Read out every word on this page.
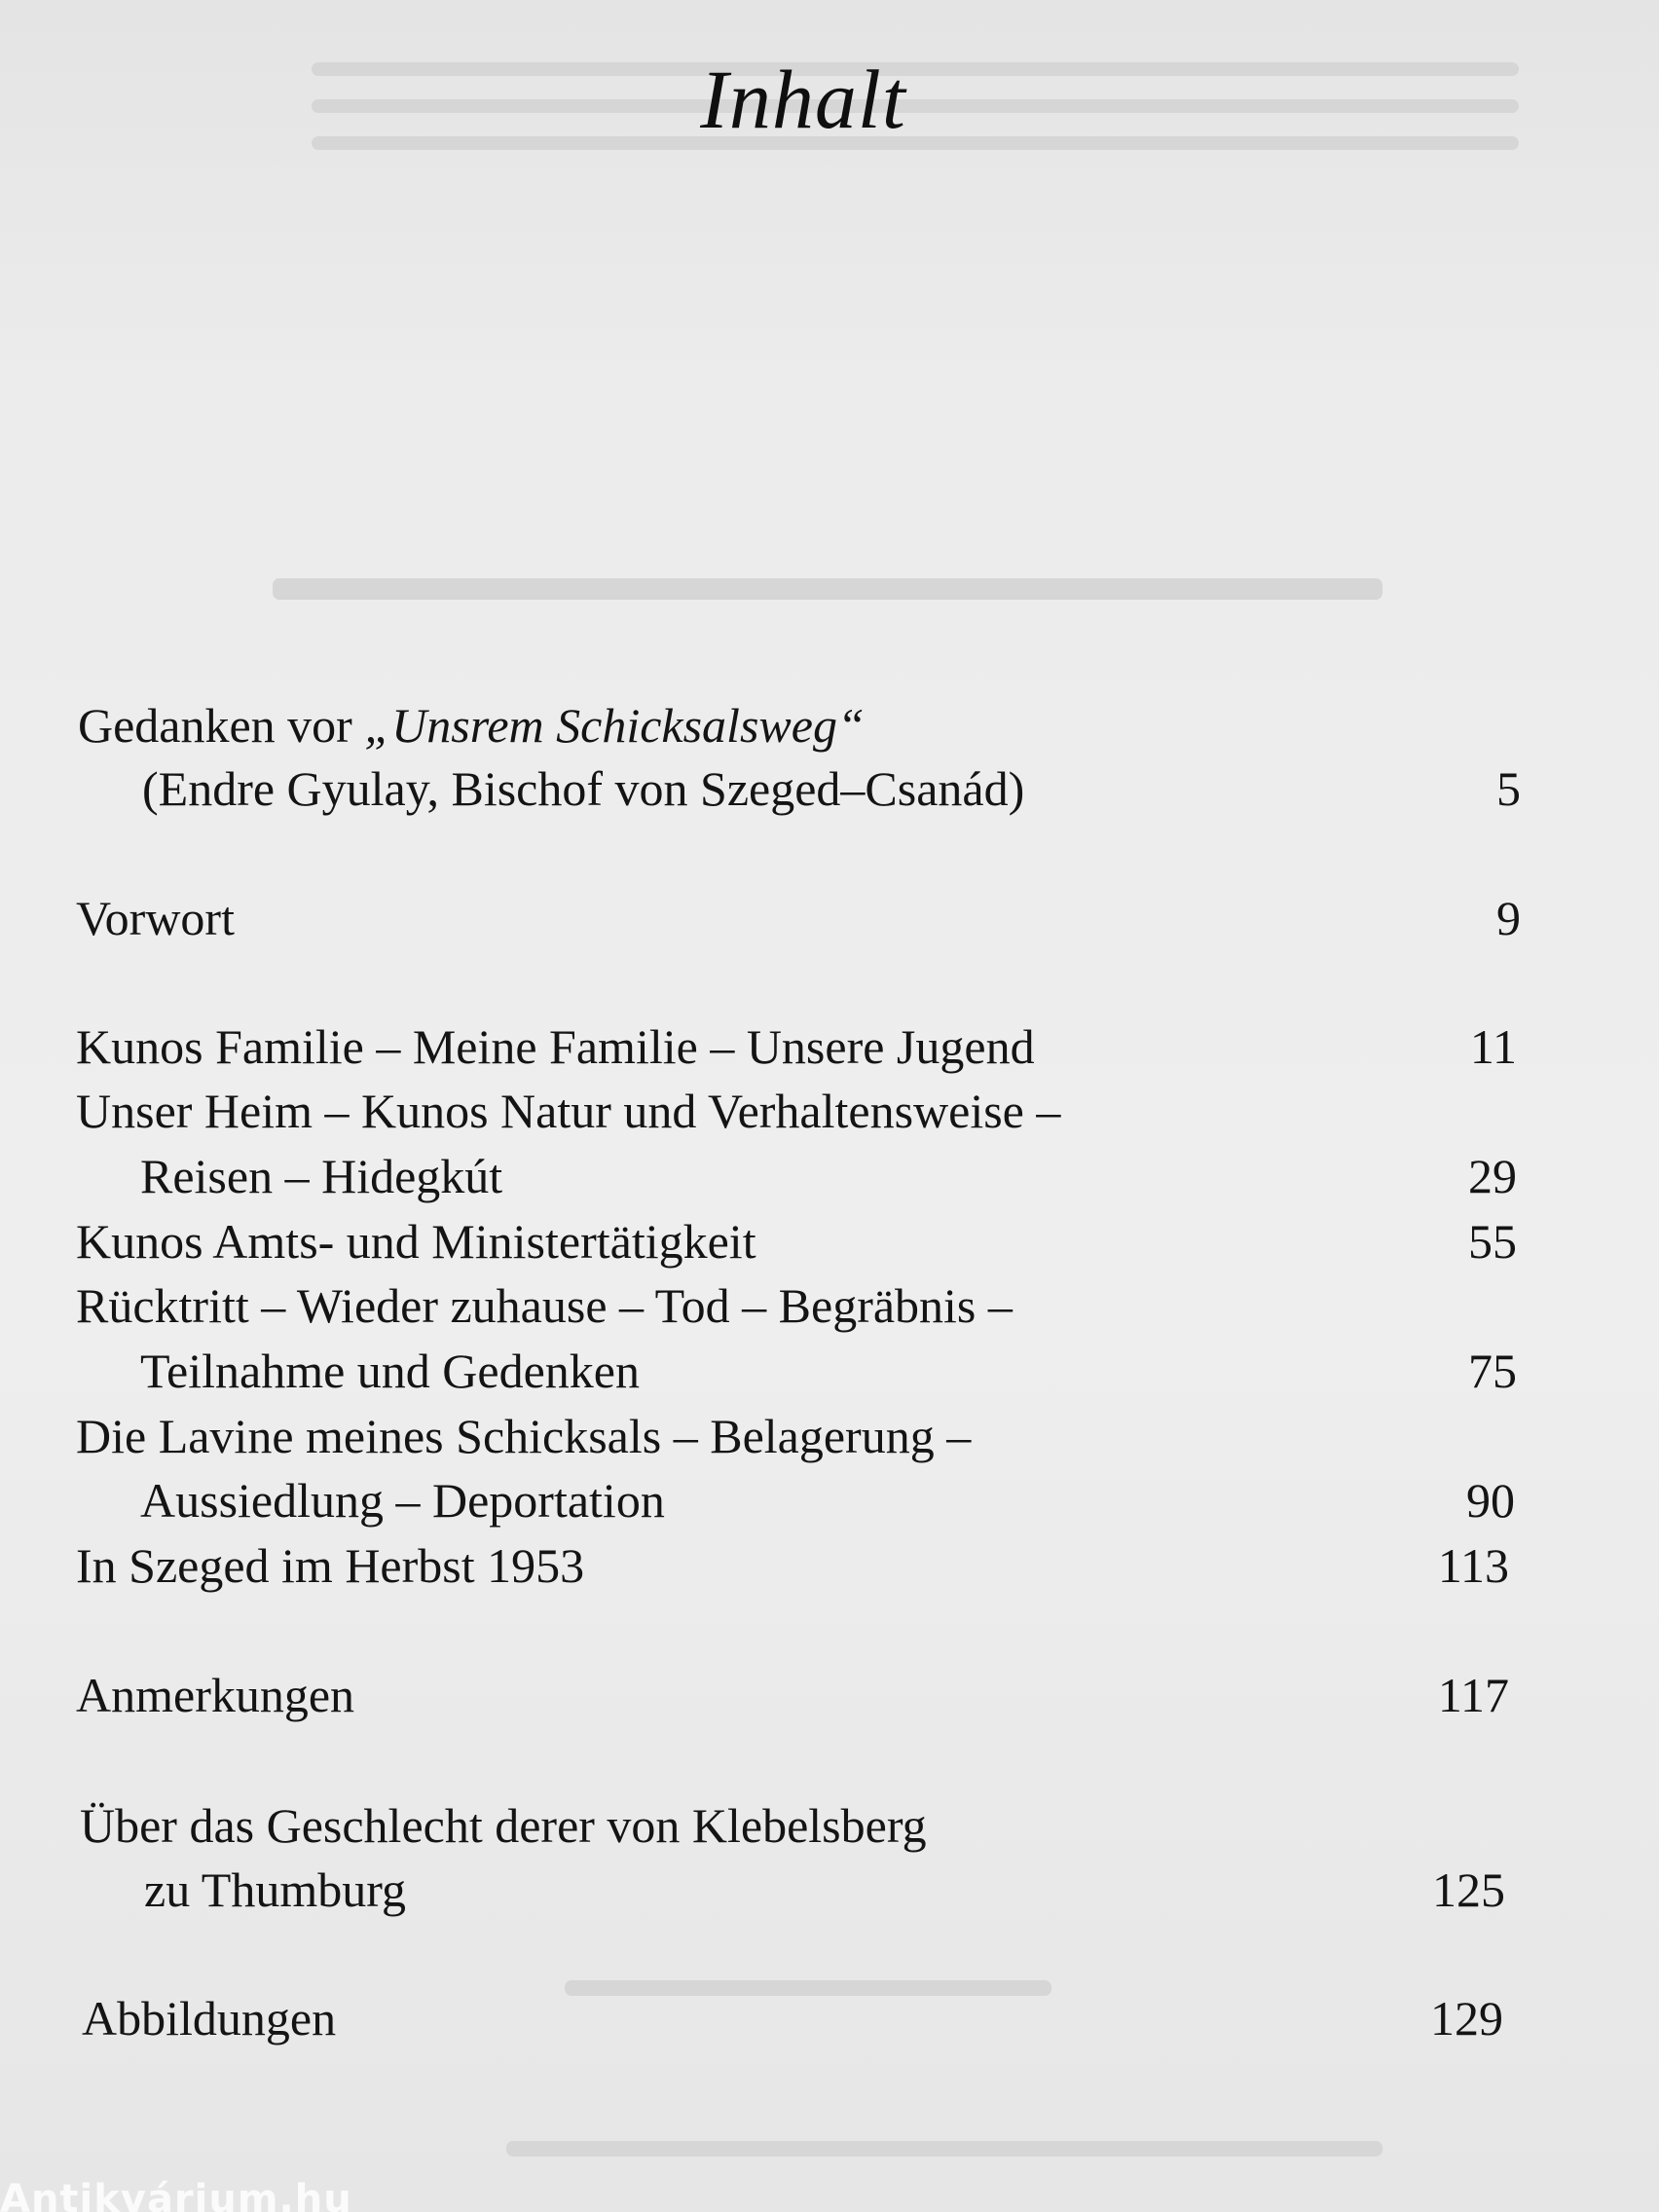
Inhalt
Gedanken vor „Unsrem Schicksalsweg“
(Endre Gyulay, Bischof von Szeged–Csanád)	5
Vorwort	9
Kunos Familie – Meine Familie – Unsere Jugend	11
Unser Heim – Kunos Natur und Verhaltensweise –
Reisen – Hidegkút	29
Kunos Amts- und Ministertätigkeit	55
Rücktritt – Wieder zuhause – Tod – Begräbnis –
Teilnahme und Gedenken	75
Die Lavine meines Schicksals – Belagerung –
Aussiedlung – Deportation	90
In Szeged im Herbst 1953	113
Anmerkungen	117
Über das Geschlecht derer von Klebelsberg
zu Thumburg	125
Abbildungen	129
Antikvárium.hu
